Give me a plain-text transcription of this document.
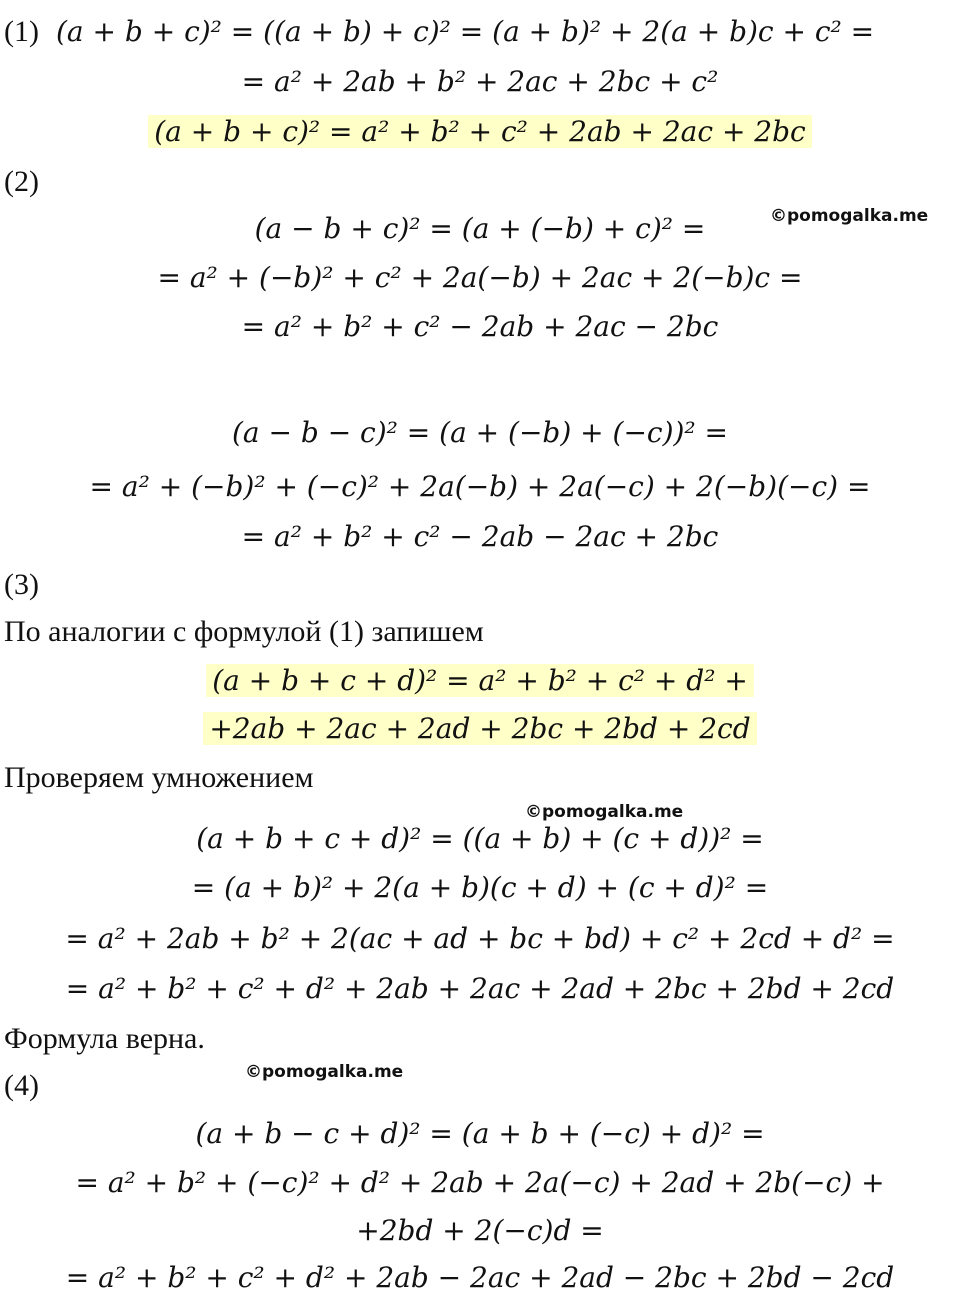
(1) (a + b + c)² = ((a + b) + c)² = (a + b)² + 2(a + b)c + c² =
= a² + 2ab + b² + 2ac + 2bc + c²
(a + b + c)² = a² + b² + c² + 2ab + 2ac + 2bc
(2)
(a − b + c)² = (a + (−b) + c)² =	©pomogalka.me
= a² + (−b)² + c² + 2a(−b) + 2ac + 2(−b)c =
= a² + b² + c² − 2ab + 2ac − 2bc
(a − b − c)² = (a + (−b) + (−c))² =
= a² + (−b)² + (−c)² + 2a(−b) + 2a(−c) + 2(−b)(−c) =
= a² + b² + c² − 2ab − 2ac + 2bc
(3)
По аналогии с формулой (1) запишем
(a + b + c + d)² = a² + b² + c² + d² +
+2ab + 2ac + 2ad + 2bc + 2bd + 2cd
Проверяем умножением
©pomogalka.me
(a + b + c + d)² = ((a + b) + (c + d))² =
= (a + b)² + 2(a + b)(c + d) + (c + d)² =
= a² + 2ab + b² + 2(ac + ad + bc + bd) + c² + 2cd + d² =
= a² + b² + c² + d² + 2ab + 2ac + 2ad + 2bc + 2bd + 2cd
Формула верна.
(4)	©pomogalka.me
(a + b − c + d)² = (a + b + (−c) + d)² =
= a² + b² + (−c)² + d² + 2ab + 2a(−c) + 2ad + 2b(−c) +
+2bd + 2(−c)d =
= a² + b² + c² + d² + 2ab − 2ac + 2ad − 2bc + 2bd − 2cd
